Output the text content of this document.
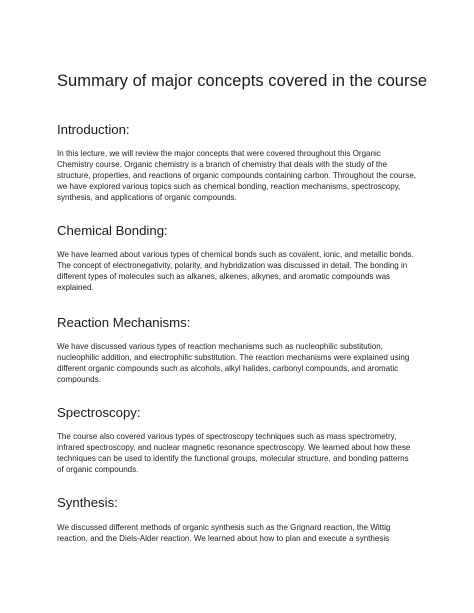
Summary of major concepts covered in the course
Introduction:

In this lecture, we will review the major concepts that were covered throughout this Organic Chemistry course. Organic chemistry is a branch of chemistry that deals with the study of the structure, properties, and reactions of organic compounds containing carbon. Throughout the course, we have explored various topics such as chemical bonding, reaction mechanisms, spectroscopy, synthesis, and applications of organic compounds.

Chemical Bonding:

We have learned about various types of chemical bonds such as covalent, ionic, and metallic bonds. The concept of electronegativity, polarity, and hybridization was discussed in detail. The bonding in different types of molecules such as alkanes, alkenes, alkynes, and aromatic compounds was explained.

Reaction Mechanisms:

We have discussed various types of reaction mechanisms such as nucleophilic substitution, nucleophilic addition, and electrophilic substitution. The reaction mechanisms were explained using different organic compounds such as alcohols, alkyl halides, carbonyl compounds, and aromatic compounds.

Spectroscopy:

The course also covered various types of spectroscopy techniques such as mass spectrometry, infrared spectroscopy, and nuclear magnetic resonance spectroscopy. We learned about how these techniques can be used to identify the functional groups, molecular structure, and bonding patterns of organic compounds.

Synthesis:

We discussed different methods of organic synthesis such as the Grignard reaction, the Wittig reaction, and the Diels-Alder reaction. We learned about how to plan and execute a synthesis
